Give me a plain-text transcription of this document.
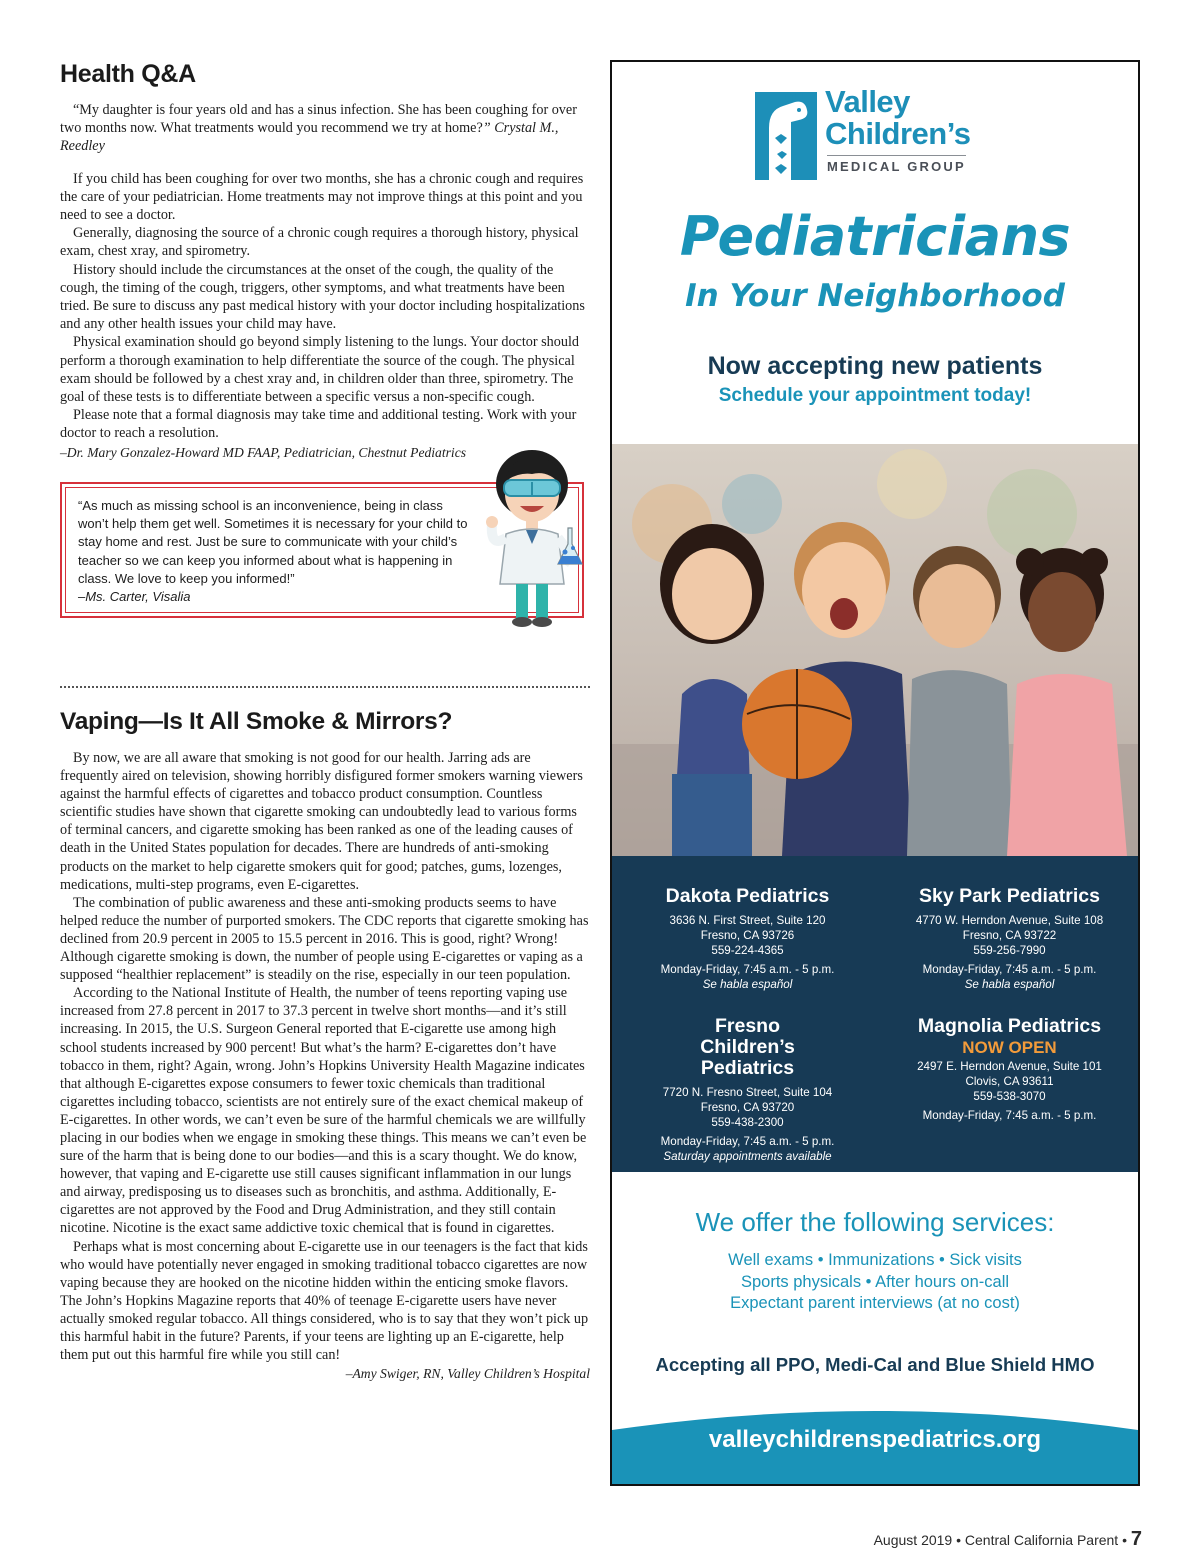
Health Q&A

“My daughter is four years old and has a sinus infection. She has been coughing for over two months now. What treatments would you recommend we try at home?” Crystal M., Reedley

If you child has been coughing for over two months, she has a chronic cough and requires the care of your pediatrician. Home treatments may not improve things at this point and you need to see a doctor.

Generally, diagnosing the source of a chronic cough requires a thorough history, physical exam, chest xray, and spirometry.

History should include the circumstances at the onset of the cough, the quality of the cough, the timing of the cough, triggers, other symptoms, and what treatments have been tried. Be sure to discuss any past medical history with your doctor including hospitalizations and any other health issues your child may have.

Physical examination should go beyond simply listening to the lungs. Your doctor should perform a thorough examination to help differentiate the source of the cough. The physical exam should be followed by a chest xray and, in children older than three, spirometry. The goal of these tests is to differentiate between a specific versus a non-specific cough.

Please note that a formal diagnosis may take time and additional testing. Work with your doctor to reach a resolution.

–Dr. Mary Gonzalez-Howard MD FAAP, Pediatrician, Chestnut Pediatrics
“As much as missing school is an inconvenience, being in class won’t help them get well. Sometimes it is necessary for your child to stay home and rest. Just be sure to communicate with your child’s teacher so we can keep you informed about what is happening in class. We love to keep you informed!”
–Ms. Carter, Visalia
Vaping—Is It All Smoke & Mirrors?

By now, we are all aware that smoking is not good for our health. Jarring ads are frequently aired on television, showing horribly disfigured former smokers warning viewers against the harmful effects of cigarettes and tobacco product consumption. Countless scientific studies have shown that cigarette smoking can undoubtedly lead to various forms of terminal cancers, and cigarette smoking has been ranked as one of the leading causes of death in the United States population for decades. There are hundreds of anti-smoking products on the market to help cigarette smokers quit for good; patches, gums, lozenges, medications, multi-step programs, even E-cigarettes.

The combination of public awareness and these anti-smoking products seems to have helped reduce the number of purported smokers. The CDC reports that cigarette smoking has declined from 20.9 percent in 2005 to 15.5 percent in 2016. This is good, right? Wrong! Although cigarette smoking is down, the number of people using E-cigarettes or vaping as a supposed “healthier replacement” is steadily on the rise, especially in our teen population.

According to the National Institute of Health, the number of teens reporting vaping use increased from 27.8 percent in 2017 to 37.3 percent in twelve short months—and it’s still increasing. In 2015, the U.S. Surgeon General reported that E-cigarette use among high school students increased by 900 percent! But what’s the harm? E-cigarettes don’t have tobacco in them, right? Again, wrong. John’s Hopkins University Health Magazine indicates that although E-cigarettes expose consumers to fewer toxic chemicals than traditional cigarettes including tobacco, scientists are not entirely sure of the exact chemical makeup of E-cigarettes. In other words, we can’t even be sure of the harmful chemicals we are willfully placing in our bodies when we engage in smoking these things. This means we can’t even be sure of the harm that is being done to our bodies—and this is a scary thought. We do know, however, that vaping and E-cigarette use still causes significant inflammation in our lungs and airway, predisposing us to diseases such as bronchitis, and asthma. Additionally, E-cigarettes are not approved by the Food and Drug Administration, and they still contain nicotine. Nicotine is the exact same addictive toxic chemical that is found in cigarettes.

Perhaps what is most concerning about E-cigarette use in our teenagers is the fact that kids who would have potentially never engaged in smoking traditional tobacco cigarettes are now vaping because they are hooked on the nicotine hidden within the enticing smoke flavors. The John’s Hopkins Magazine reports that 40% of teenage E-cigarette users have never actually smoked regular tobacco. All things considered, who is to say that they won’t pick up this harmful habit in the future? Parents, if your teens are lighting up an E-cigarette, help them put out this harmful fire while you still can!

–Amy Swiger, RN, Valley Children’s Hospital
Valley
Children’s
MEDICAL GROUP
Pediatricians
In Your Neighborhood
Now accepting new patients
Schedule your appointment today!
Dakota Pediatrics
3636 N. First Street, Suite 120
Fresno, CA 93726
559-224-4365
Monday-Friday, 7:45 a.m. - 5 p.m.
Se habla español
Sky Park Pediatrics
4770 W. Herndon Avenue, Suite 108
Fresno, CA 93722
559-256-7990
Monday-Friday, 7:45 a.m. - 5 p.m.
Se habla español
Fresno Children’s Pediatrics
7720 N. Fresno Street, Suite 104
Fresno, CA 93720
559-438-2300
Monday-Friday, 7:45 a.m. - 5 p.m.
Saturday appointments available
Magnolia Pediatrics
NOW OPEN
2497 E. Herndon Avenue, Suite 101
Clovis, CA 93611
559-538-3070
Monday-Friday, 7:45 a.m. - 5 p.m.
We offer the following services:
Well exams • Immunizations • Sick visits
Sports physicals • After hours on-call
Expectant parent interviews (at no cost)
Accepting all PPO, Medi-Cal and Blue Shield HMO
valleychildrenspediatrics.org
August 2019 • Central California Parent • 7
